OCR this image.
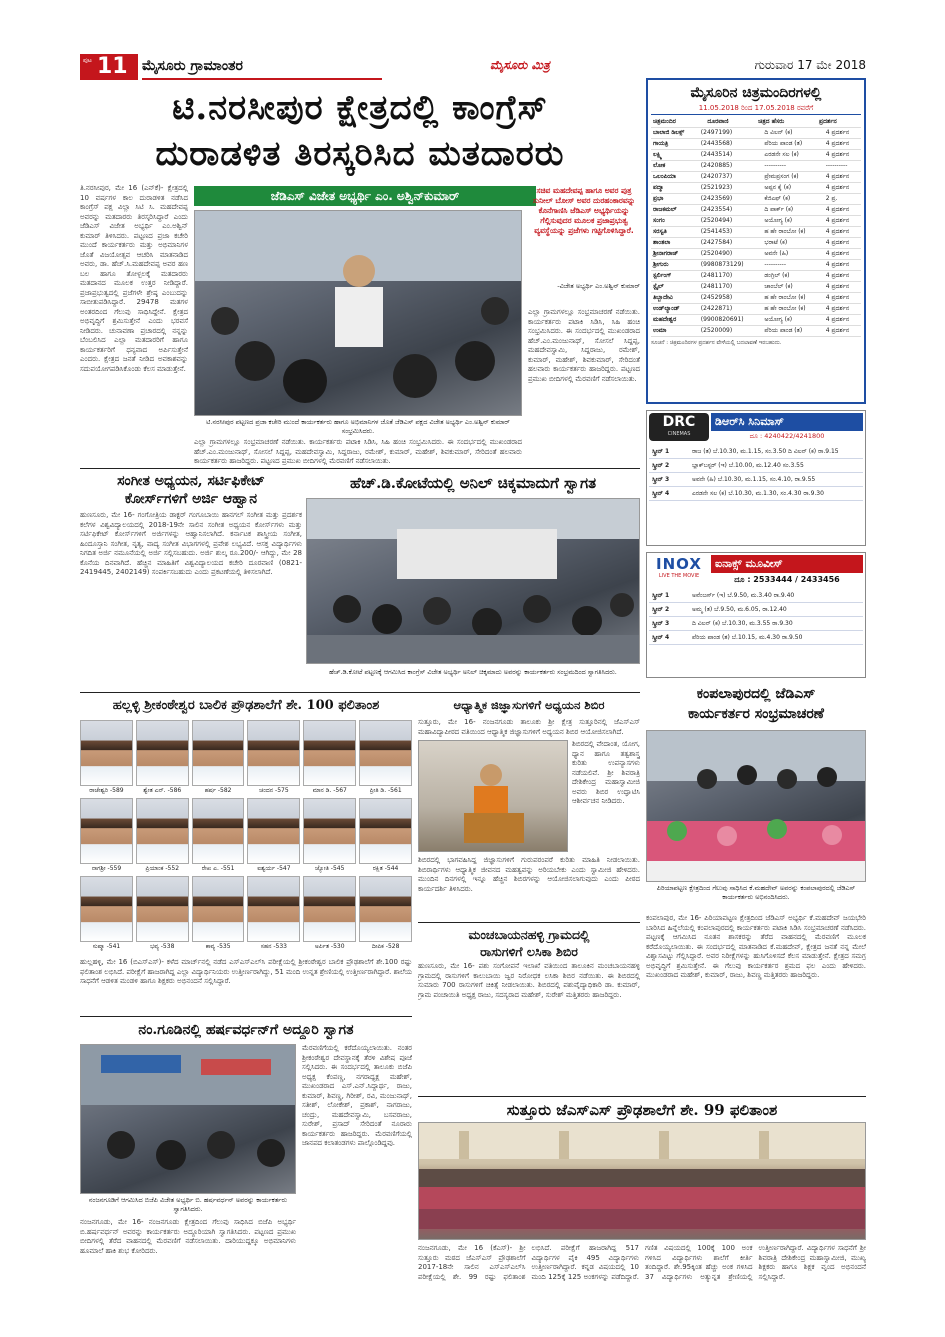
ಪುಟ 11 ಮೈಸೂರು ಗ್ರಾಮಾಂತರ	ಮೈಸೂರು ಮಿತ್ರ	ಗುರುವಾರ 17 ಮೇ 2018
ಟಿ.ನರಸೀಪುರ ಕ್ಷೇತ್ರದಲ್ಲಿ ಕಾಂಗ್ರೆಸ್
ದುರಾಡಳಿತ ತಿರಸ್ಕರಿಸಿದ ಮತದಾರರು
ತಿ.ನರಸೀಪುರ, ಮೇ 16 (ಎನ್‌ಕೆ)- ಕ್ಷೇತ್ರದಲ್ಲಿ 10 ವರ್ಷಗಳ ಕಾಲ ದುರಾಡಳಿತ ನಡೆಸಿದ ಕಾಂಗ್ರೆಸ್ ಪಕ್ಷ ವಿಲ್ಲಾ ಸಿಟಿ ಸಿ. ಮಹದೇವಪ್ಪ ಅವರನ್ನು ಮತದಾರರು ತಿರಸ್ಕರಿಸಿದ್ದಾರೆ ಎಂದು ಜೆಡಿಎಸ್ ವಿಜೇತ ಅಭ್ಯರ್ಥಿ ಎಂ.ಅಶ್ವಿನ್ ಕುಮಾರ್ ತಿಳಿಸಿದರು. ಪಟ್ಟಣದ ಪ್ರಜಾ ಕಚೇರಿ ಮುಂದೆ ಕಾರ್ಯಕರ್ತರು ಮತ್ತು ಅಭಿಮಾನಿಗಳ ಜೊತೆ ವಿಜಯೋತ್ಸವ ಆಚರಿಸಿ ಮಾತನಾಡಿದ ಅವರು, ಡಾ. ಹೆಚ್.ಸಿ.ಮಹದೇವಪ್ಪ ಅವರ ಹಣ ಬಲ ಹಾಗೂ ತೋಳ್ಬಲಕ್ಕೆ ಮತದಾರರು ಮತದಾನದ ಮೂಲಕ ಉತ್ತರ ನೀಡಿದ್ದಾರೆ. ಪ್ರಜಾಪ್ರಭುತ್ವದಲ್ಲಿ ಪ್ರಜೆಗಳೇ ಶ್ರೇಷ್ಠ ಎಂಬುದನ್ನು ಸಾಬೀತುಪಡಿಸಿದ್ದಾರೆ. 29478 ಮತಗಳ ಅಂತರದಿಂದ ಗೆಲುವು ಸಾಧಿಸಿದ್ದೇನೆ. ಕ್ಷೇತ್ರದ ಅಭಿವೃದ್ಧಿಗೆ ಶ್ರಮಿಸುತ್ತೇನೆ ಎಂದು ಭರವಸೆ ನೀಡಿದರು. ಚುನಾವಣಾ ಪ್ರಚಾರದಲ್ಲಿ ನನ್ನನ್ನು ಬೆಂಬಲಿಸಿದ ಎಲ್ಲಾ ಮತದಾರರಿಗೆ ಹಾಗೂ ಕಾರ್ಯಕರ್ತರಿಗೆ ಧನ್ಯವಾದ ಅರ್ಪಿಸುತ್ತೇನೆ ಎಂದರು. ಕ್ಷೇತ್ರದ ಜನತೆ ನೀಡಿದ ಅವಕಾಶವನ್ನು ಸದುಪಯೋಗಪಡಿಸಿಕೊಂಡು ಕೆಲಸ ಮಾಡುತ್ತೇನೆ.
ಜೆಡಿಎಸ್ ವಿಜೇತ ಅಭ್ಯರ್ಥಿ ಎಂ. ಅಶ್ವಿನ್‌ಕುಮಾರ್	ಸಚಿವ ಮಹದೇವಪ್ಪ ಹಾಗೂ ಅವರ ಪುತ್ರ ಸುನೀಲ್ ಬೋಸ್ ಅವರ ದುರಹಂಕಾರವನ್ನು ಕೊನೆಗಾಣಿಸಿ ಜೆಡಿಎಸ್ ಅಭ್ಯರ್ಥಿಯನ್ನು ಗೆಲ್ಲಿಸುವುದರ ಮೂಲಕ ಪ್ರಜಾಪ್ರಭುತ್ವ ವ್ಯವಸ್ಥೆಯನ್ನು ಪ್ರಜೆಗಳು ಗಟ್ಟಿಗೊಳಿಸಿದ್ದಾರೆ.
-ವಿಜೇತ ಅಭ್ಯರ್ಥಿ ಎಂ.ಅಶ್ವಿನ್ ಕುಮಾರ್
ಎಲ್ಲಾ ಗ್ರಾಮಗಳಲ್ಲೂ ಸಂಭ್ರಮಾಚರಣೆ ನಡೆಯಿತು. ಕಾರ್ಯಕರ್ತರು ಪಟಾಕಿ ಸಿಡಿಸಿ, ಸಿಹಿ ಹಂಚಿ ಸಂಭ್ರಮಿಸಿದರು. ಈ ಸಂದರ್ಭದಲ್ಲಿ ಮುಖಂಡರಾದ ಹೆಚ್.ಎಂ.ಮಂಜುನಾಥ್, ಸೋಸಲೆ ಸಿದ್ದಪ್ಪ, ಮಹದೇವಸ್ವಾಮಿ, ಸಿದ್ದರಾಜು, ರಮೇಶ್, ಕುಮಾರ್, ಮಹೇಶ್, ಶಿವಕುಮಾರ್, ಸೇರಿದಂತೆ ಹಲವಾರು ಕಾರ್ಯಕರ್ತರು ಹಾಜರಿದ್ದರು. ಪಟ್ಟಣದ ಪ್ರಮುಖ ಬೀದಿಗಳಲ್ಲಿ ಮೆರವಣಿಗೆ ನಡೆಸಲಾಯಿತು.
ಟಿ.ನರಸೀಪುರ ಪಟ್ಟಣದ ಪ್ರಜಾ ಕಚೇರಿ ಮುಂದೆ ಕಾರ್ಯಕರ್ತರು ಹಾಗೂ ಅಭಿಮಾನಿಗಳ ಜೊತೆ ಜೆಡಿಎಸ್ ಪಕ್ಷದ ವಿಜೇತ ಅಭ್ಯರ್ಥಿ ಎಂ.ಅಶ್ವಿನ್ ಕುಮಾರ್ ಸಂಭ್ರಮಿಸಿದರು.
ಎಲ್ಲಾ ಗ್ರಾಮಗಳಲ್ಲೂ ಸಂಭ್ರಮಾಚರಣೆ ನಡೆಯಿತು. ಕಾರ್ಯಕರ್ತರು ಪಟಾಕಿ ಸಿಡಿಸಿ, ಸಿಹಿ ಹಂಚಿ ಸಂಭ್ರಮಿಸಿದರು. ಈ ಸಂದರ್ಭದಲ್ಲಿ ಮುಖಂಡರಾದ ಹೆಚ್.ಎಂ.ಮಂಜುನಾಥ್, ಸೋಸಲೆ ಸಿದ್ದಪ್ಪ, ಮಹದೇವಸ್ವಾಮಿ, ಸಿದ್ದರಾಜು, ರಮೇಶ್, ಕುಮಾರ್, ಮಹೇಶ್, ಶಿವಕುಮಾರ್, ಸೇರಿದಂತೆ ಹಲವಾರು ಕಾರ್ಯಕರ್ತರು ಹಾಜರಿದ್ದರು. ಪಟ್ಟಣದ ಪ್ರಮುಖ ಬೀದಿಗಳಲ್ಲಿ ಮೆರವಣಿಗೆ ನಡೆಸಲಾಯಿತು.
ಮೈಸೂರಿನ ಚಿತ್ರಮಂದಿರಗಳಲ್ಲಿ
11.05.2018 ರಿಂದ 17.05.2018 ರವರೆಗೆ
ಚಿತ್ರಮಂದಿರ	ದೂರವಾಣಿ	ಚಿತ್ರದ ಹೆಸರು	ಪ್ರದರ್ಶನ
ಬಾಲಾಜಿ ಡಿಲಕ್ಸ್	(2497199)	ದಿ ವಿಲನ್ (ಕ)	4 ಪ್ರದರ್ಶನ
ಗಾಯತ್ರಿ	(2443568)	ಪೆರಿಯ ಪಾಂಡ (ತ)	4 ಪ್ರದರ್ಶನ
ಲಕ್ಷ್ಮಿ	(2443514)	ಎರಡನೇ ಸಲ (ಕ)	4 ಪ್ರದರ್ಶನ
ಲೋಕ	(2420885)	----------	----------
ಒಲಂಪಿಯಾ	(2420737)	ಪ್ರೇಮಪ್ರಸಂಗ (ಕ)	4 ಪ್ರದರ್ಶನ
ಪದ್ಮಾ	(2521923)	ಅಪ್ಪನ ಕೈ (ಕ)	4 ಪ್ರದರ್ಶನ
ಪ್ರಭಾ	(2423569)	ಕೆಜಿಎಫ್ (ಕ)	2 ಪ್ರ.
ರಾಜಕಮಲ್	(2423554)	ದಿ ಪಾರ್ಕ್ (ಕ)	4 ಪ್ರದರ್ಶನ
ಸಂಗಂ	(2520494)	ಅಯೋಗ್ಯ (ಕ)	4 ಪ್ರದರ್ಶನ
ಸರಸ್ವತಿ	(2541453)	ಹ ಹೇ ರಾಂಬೋ (ಕ)	4 ಪ್ರದರ್ಶನ
ಶಾಂತಲಾ	(2427584)	ಭರಾಟೆ (ಕ)	4 ಪ್ರದರ್ಶನ
ಶ್ರೀನಾಗರಾಜ್	(2520490)	ಅವನೇ (ಹಿ)	4 ಪ್ರದರ್ಶನ
ಶ್ರೀಗುರು	(9980873129)	----------	4 ಪ್ರದರ್ಶನ
ಸ್ಟರ್ಲಿಂಗ್	(2481170)	ಡಂಗ್ರಿಲ್ (ಕ)	4 ಪ್ರದರ್ಶನ
ಸ್ಟೈಲ್	(2481170)	ಚಾಂಬೆಲ್ (ಕ)	4 ಪ್ರದರ್ಶನ
ತಿಬ್ಬಾದೇವಿ	(2452958)	ಹ ಹೇ ರಾಂಬೋ (ಕ)	4 ಪ್ರದರ್ಶನ
ಉಡ್‌ಲ್ಯಾಂಡ್	(2422871)	ಹ ಹೇ ರಾಂಬೋ (ಕ)	4 ಪ್ರದರ್ಶನ
ಮಹದೇಶ್ವರ	(9900820691)	ಅಯೋಗ್ಯ (ಕ)	4 ಪ್ರದರ್ಶನ
ಉಮಾ	(2520009)	ಪೆರಿಯ ಪಾಂಡ (ತ)	4 ಪ್ರದರ್ಶನ
ಸೂಚನೆ : ಚಿತ್ರಮಂದಿರಗಳ ಪ್ರದರ್ಶನ ವೇಳೆಯಲ್ಲಿ ಬದಲಾವಣೆ ಇರಬಹುದು.
DRC
CINEMAS
ಡಿಆರ್‌ಸಿ ಸಿನಿಮಾಸ್
ದೂ : 4240422/4241800
ಸ್ಕ್ರೀನ್ 1	ರಾಜ (ತ) ಬೆ.10.30, ಮ.1.15, ಸಂ.3.50 ದಿ ವಿಲನ್ (ಕ) ರಾ.9.15
ಸ್ಕ್ರೀನ್ 2	ಬ್ಲಾಕ್‌ಬಸ್ಟರ್ (ಇ) ಬೆ.10.00, ಮ.12.40 ಸಂ.3.55
ಸ್ಕ್ರೀನ್ 3	ಅವನೇ (ಹಿ) ಬೆ.10.30, ಮ.1.15, ಸಂ.4.10, ರಾ.9.55
ಸ್ಕ್ರೀನ್ 4	ಎರಡನೇ ಸಲ (ಕ) ಬೆ.10.30, ಮ.1.30, ಸಂ.4.30 ರಾ.9.30
INOX
LIVE THE MOVIE
ಐನಾಕ್ಸ್ ಮೂವೀಸ್
ದೂ : 2533444 / 2433456
ಸ್ಕ್ರೀನ್ 1	ಅವೆಂಜರ್ಸ್ (ಇ) ಬೆ.9.50, ಮ.3.40 ರಾ.9.40
ಸ್ಕ್ರೀನ್ 2	ಅಮ್ಮ (ತ) ಬೆ.9.50, ಮ.6.05, ರಾ.12.40
ಸ್ಕ್ರೀನ್ 3	ದಿ ವಿಲನ್ (ಕ) ಬೆ.10.30, ಮ.3.55 ರಾ.9.30
ಸ್ಕ್ರೀನ್ 4	ಪೆರಿಯ ಪಾಂಡ (ತ) ಬೆ.10.15, ಮ.4.30 ರಾ.9.50
ಸಂಗೀತ ಅಧ್ಯಯನ, ಸರ್ಟಿಫಿಕೇಟ್
ಕೋರ್ಸ್‌ಗಳಿಗೆ ಅರ್ಜಿ ಆಹ್ವಾನ
ಹುಣಸೂರು, ಮೇ 16- ಗಂಗೋತ್ರಿಯ ಡಾಕ್ಟರ್ ಗಂಗೂಬಾಯಿ ಹಾನಗಲ್ ಸಂಗೀತ ಮತ್ತು ಪ್ರದರ್ಶಕ ಕಲೆಗಳ ವಿಶ್ವವಿದ್ಯಾಲಯದಲ್ಲಿ 2018-19ನೇ ಸಾಲಿನ ಸಂಗೀತ ಅಧ್ಯಯನ ಕೋರ್ಸ್‌ಗಳು ಮತ್ತು ಸರ್ಟಿಫಿಕೇಟ್ ಕೋರ್ಸ್‌ಗಳಿಗೆ ಅರ್ಜಿಗಳನ್ನು ಆಹ್ವಾನಿಸಲಾಗಿದೆ. ಕರ್ನಾಟಕ ಶಾಸ್ತ್ರೀಯ ಸಂಗೀತ, ಹಿಂದೂಸ್ತಾನಿ ಸಂಗೀತ, ನೃತ್ಯ, ವಾದ್ಯ ಸಂಗೀತ ವಿಭಾಗಗಳಲ್ಲಿ ಪ್ರವೇಶ ಲಭ್ಯವಿದೆ. ಆಸಕ್ತ ವಿದ್ಯಾರ್ಥಿಗಳು ನಿಗದಿತ ಅರ್ಜಿ ನಮೂನೆಯಲ್ಲಿ ಅರ್ಜಿ ಸಲ್ಲಿಸಬಹುದು. ಅರ್ಜಿ ಶುಲ್ಕ ರೂ.200/- ಆಗಿದ್ದು, ಮೇ 28 ಕೊನೆಯ ದಿನವಾಗಿದೆ. ಹೆಚ್ಚಿನ ಮಾಹಿತಿಗೆ ವಿಶ್ವವಿದ್ಯಾಲಯದ ಕಚೇರಿ ದೂರವಾಣಿ (0821-2419445, 2402149) ಸಂಪರ್ಕಿಸಬಹುದು ಎಂದು ಪ್ರಕಟಣೆಯಲ್ಲಿ ತಿಳಿಸಲಾಗಿದೆ.
ಹೆಚ್.ಡಿ.ಕೋಟೆಯಲ್ಲಿ ಅನಿಲ್ ಚಿಕ್ಕಮಾದುಗೆ ಸ್ವಾಗತ
ಹೆಚ್.ಡಿ.ಕೋಟೆ ಪಟ್ಟಣಕ್ಕೆ ಆಗಮಿಸಿದ ಕಾಂಗ್ರೆಸ್ ವಿಜೇತ ಅಭ್ಯರ್ಥಿ ಅನಿಲ್ ಚಿಕ್ಕಮಾದು ಅವರನ್ನು ಕಾರ್ಯಕರ್ತರು ಸಂಭ್ರಮದಿಂದ ಸ್ವಾಗತಿಸಿದರು.
ಹಲ್ಲಳ್ಳಿ ಶ್ರೀಕಂಠೇಶ್ವರ ಬಾಲಿಕ ಪ್ರೌಢಶಾಲೆಗೆ ಶೇ. 100 ಫಲಿತಾಂಶ
ರಾಜೇಶ್ವರಿ -589	ಶ್ವೇತ ಎನ್. -586	ಹರ್ಷ -582	ಚಂದನ -575	ಮಾನ ಡಿ. -567	ಪ್ರೀತಿ ಡಿ. -561
ನಾಗಶ್ರೀ -559	ಪ್ರಿಯಾಂಕ -552	ರೇಖ ಎ. -551	ಐಶ್ವರ್ಯ -547	ಜ್ಯೋತಿ -545	ರಕ್ಷಿತ -544
ಸುಷ್ಮಾ -541	ಭವ್ಯ -538	ಕಾವ್ಯ -535	ಸಹನ -533	ಅರ್ಪಿತ -530	ದೀಪಿಕ -528
ಹುಲ್ಲಹಳ್ಳಿ, ಮೇ 16 (ಬಿಎಸ್‌ಎಸ್)- ಕಳೆದ ಮಾರ್ಚ್‌ನಲ್ಲಿ ನಡೆದ ಎಸ್‌ಎಸ್‌ಎಲ್‌ಸಿ ಪರೀಕ್ಷೆಯಲ್ಲಿ ಶ್ರೀಕಂಠೇಶ್ವರ ಬಾಲಿಕ ಪ್ರೌಢಶಾಲೆಗೆ ಶೇ.100 ರಷ್ಟು ಫಲಿತಾಂಶ ಲಭಿಸಿದೆ. ಪರೀಕ್ಷೆಗೆ ಹಾಜರಾಗಿದ್ದ ಎಲ್ಲಾ ವಿದ್ಯಾರ್ಥಿನಿಯರು ಉತ್ತೀರ್ಣರಾಗಿದ್ದು, 51 ಮಂದಿ ಉನ್ನತ ಶ್ರೇಣಿಯಲ್ಲಿ ಉತ್ತೀರ್ಣರಾಗಿದ್ದಾರೆ. ಶಾಲೆಯ ಸಾಧನೆಗೆ ಆಡಳಿತ ಮಂಡಳಿ ಹಾಗೂ ಶಿಕ್ಷಕರು ಅಭಿನಂದನೆ ಸಲ್ಲಿಸಿದ್ದಾರೆ.
ಆಧ್ಯಾತ್ಮಿಕ ಜಿಜ್ಞಾಸುಗಳಿಗೆ ಅಧ್ಯಯನ ಶಿಬಿರ
ಸುತ್ತೂರು, ಮೇ 16- ನಂಜನಗೂಡು ತಾಲೂಕು ಶ್ರೀ ಕ್ಷೇತ್ರ ಸುತ್ತೂರಿನಲ್ಲಿ ಜೆಎಸ್‌ಎಸ್ ಮಹಾವಿದ್ಯಾಪೀಠದ ವತಿಯಿಂದ ಆಧ್ಯಾತ್ಮಿಕ ಜಿಜ್ಞಾಸುಗಳಿಗೆ ಅಧ್ಯಯನ ಶಿಬಿರ ಆಯೋಜಿಸಲಾಗಿದೆ.
ಶಿಬಿರದಲ್ಲಿ ವೇದಾಂತ, ಯೋಗ, ಧ್ಯಾನ ಹಾಗೂ ತತ್ವಶಾಸ್ತ್ರ ಕುರಿತು ಉಪನ್ಯಾಸಗಳು ನಡೆಯಲಿವೆ. ಶ್ರೀ ಶಿವರಾತ್ರಿ ದೇಶಿಕೇಂದ್ರ ಮಹಾಸ್ವಾಮೀಜಿ ಅವರು ಶಿಬಿರ ಉದ್ಘಾಟಿಸಿ ಆಶೀರ್ವಚನ ನೀಡಿದರು.
ಶಿಬಿರದಲ್ಲಿ ಭಾಗವಹಿಸಿದ್ದ ಜಿಜ್ಞಾಸುಗಳಿಗೆ ಗುರುಪರಂಪರೆ ಕುರಿತು ಮಾಹಿತಿ ನೀಡಲಾಯಿತು. ಶಿಬಿರಾರ್ಥಿಗಳು ಆಧ್ಯಾತ್ಮಿಕ ಜೀವನದ ಮಹತ್ವವನ್ನು ಅರಿಯಬೇಕು ಎಂದು ಸ್ವಾಮೀಜಿ ಹೇಳಿದರು. ಮುಂದಿನ ದಿನಗಳಲ್ಲಿ ಇನ್ನೂ ಹೆಚ್ಚಿನ ಶಿಬಿರಗಳನ್ನು ಆಯೋಜಿಸಲಾಗುವುದು ಎಂದು ಪೀಠದ ಕಾರ್ಯದರ್ಶಿ ತಿಳಿಸಿದರು.
ಮಂಚಬಾಯನಹಳ್ಳಿ ಗ್ರಾಮದಲ್ಲಿ
ರಾಸುಗಳಿಗೆ ಲಸಿಕಾ ಶಿಬಿರ
ಹುಣಸೂರು, ಮೇ 16- ಪಶು ಸಂಗೋಪನೆ ಇಲಾಖೆ ವತಿಯಿಂದ ತಾಲೂಕಿನ ಮಂಚಬಾಯನಹಳ್ಳಿ ಗ್ರಾಮದಲ್ಲಿ ರಾಸುಗಳಿಗೆ ಕಾಲುಬಾಯಿ ಜ್ವರ ನಿರೋಧಕ ಲಸಿಕಾ ಶಿಬಿರ ನಡೆಯಿತು. ಈ ಶಿಬಿರದಲ್ಲಿ ಸುಮಾರು 700 ರಾಸುಗಳಿಗೆ ಚಿಕಿತ್ಸೆ ನೀಡಲಾಯಿತು. ಶಿಬಿರದಲ್ಲಿ ಪಶುವೈದ್ಯಾಧಿಕಾರಿ ಡಾ. ಕುಮಾರ್, ಗ್ರಾಮ ಪಂಚಾಯಿತಿ ಅಧ್ಯಕ್ಷ ರಾಜು, ಸದಸ್ಯರಾದ ಮಹೇಶ್, ಸುರೇಶ್ ಮತ್ತಿತರರು ಹಾಜರಿದ್ದರು.
ಕಂಪಲಾಪುರದಲ್ಲಿ ಜೆಡಿಎಸ್
ಕಾರ್ಯಕರ್ತರ ಸಂಭ್ರಮಾಚರಣೆ
ಪಿರಿಯಾಪಟ್ಟಣ ಕ್ಷೇತ್ರದಿಂದ ಗೆಲುವು ಸಾಧಿಸಿದ ಕೆ.ಮಹದೇವ್ ಅವರನ್ನು ಕಂಪಲಾಪುರದಲ್ಲಿ ಜೆಡಿಎಸ್ ಕಾರ್ಯಕರ್ತರು ಅಭಿನಂದಿಸಿದರು.
ಕಂಪಲಾಪುರ, ಮೇ 16- ಪಿರಿಯಾಪಟ್ಟಣ ಕ್ಷೇತ್ರದಿಂದ ಜೆಡಿಎಸ್ ಅಭ್ಯರ್ಥಿ ಕೆ.ಮಹದೇವ್ ಜಯಭೇರಿ ಬಾರಿಸಿದ ಹಿನ್ನೆಲೆಯಲ್ಲಿ ಕಂಪಲಾಪುರದಲ್ಲಿ ಕಾರ್ಯಕರ್ತರು ಪಟಾಕಿ ಸಿಡಿಸಿ ಸಂಭ್ರಮಾಚರಣೆ ನಡೆಸಿದರು. ಪಟ್ಟಣಕ್ಕೆ ಆಗಮಿಸಿದ ನೂತನ ಶಾಸಕರನ್ನು ತೆರೆದ ವಾಹನದಲ್ಲಿ ಮೆರವಣಿಗೆ ಮೂಲಕ ಕರೆದೊಯ್ಯಲಾಯಿತು. ಈ ಸಂದರ್ಭದಲ್ಲಿ ಮಾತನಾಡಿದ ಕೆ.ಮಹದೇವ್, ಕ್ಷೇತ್ರದ ಜನತೆ ನನ್ನ ಮೇಲೆ ವಿಶ್ವಾಸವಿಟ್ಟು ಗೆಲ್ಲಿಸಿದ್ದಾರೆ. ಅವರ ನಿರೀಕ್ಷೆಗಳನ್ನು ಹುಸಿಗೊಳಿಸದೆ ಕೆಲಸ ಮಾಡುತ್ತೇನೆ. ಕ್ಷೇತ್ರದ ಸಮಗ್ರ ಅಭಿವೃದ್ಧಿಗೆ ಶ್ರಮಿಸುತ್ತೇನೆ. ಈ ಗೆಲುವು ಕಾರ್ಯಕರ್ತರ ಶ್ರಮದ ಫಲ ಎಂದು ಹೇಳಿದರು. ಮುಖಂಡರಾದ ಮಹೇಶ್, ಕುಮಾರ್, ರಾಜು, ಶಿವಣ್ಣ ಮತ್ತಿತರರು ಹಾಜರಿದ್ದರು.
ನಂ.ಗೂಡಿನಲ್ಲಿ ಹರ್ಷವರ್ಧನ್‌ಗೆ ಅದ್ದೂರಿ ಸ್ವಾಗತ
ನಂಜನಗೂಡಿಗೆ ಆಗಮಿಸಿದ ಬಿಜೆಪಿ ವಿಜೇತ ಅಭ್ಯರ್ಥಿ ಬಿ. ಹರ್ಷವರ್ಧನ್ ಅವರನ್ನು ಕಾರ್ಯಕರ್ತರು ಸ್ವಾಗತಿಸಿದರು.
ಮೆರವಣಿಗೆಯಲ್ಲಿ ಕರೆದೊಯ್ಯಲಾಯಿತು. ನಂತರ ಶ್ರೀಕಂಠೇಶ್ವರ ದೇವಸ್ಥಾನಕ್ಕೆ ತೆರಳಿ ವಿಶೇಷ ಪೂಜೆ ಸಲ್ಲಿಸಿದರು. ಈ ಸಂದರ್ಭದಲ್ಲಿ ತಾಲೂಕು ಬಿಜೆಪಿ ಅಧ್ಯಕ್ಷ ಕೆಂಪಣ್ಣ, ನಗರಾಧ್ಯಕ್ಷ ಮಹೇಶ್, ಮುಖಂಡರಾದ ಎಸ್.ಎನ್.ಸಿದ್ದಾರ್ಥ, ರಾಜು, ಕುಮಾರ್, ಶಿವಣ್ಣ, ಗಿರೀಶ್, ರವಿ, ಮಂಜುನಾಥ್, ಸತೀಶ್, ಲೋಕೇಶ್, ಪ್ರಕಾಶ್, ನಾಗರಾಜು, ಚಂದ್ರು, ಮಹದೇವಸ್ವಾಮಿ, ಬಸವರಾಜು, ಸುರೇಶ್, ಪ್ರಸಾದ್ ಸೇರಿದಂತೆ ನೂರಾರು ಕಾರ್ಯಕರ್ತರು ಹಾಜರಿದ್ದರು. ಮೆರವಣಿಗೆಯಲ್ಲಿ ಜಾನಪದ ಕಲಾತಂಡಗಳು ಪಾಲ್ಗೊಂಡಿದ್ದವು.
ನಂಜನಗೂಡು, ಮೇ 16- ನಂಜನಗೂಡು ಕ್ಷೇತ್ರದಿಂದ ಗೆಲುವು ಸಾಧಿಸಿದ ಬಿಜೆಪಿ ಅಭ್ಯರ್ಥಿ ಬಿ.ಹರ್ಷವರ್ಧನ್ ಅವರನ್ನು ಕಾರ್ಯಕರ್ತರು ಅದ್ದೂರಿಯಾಗಿ ಸ್ವಾಗತಿಸಿದರು. ಪಟ್ಟಣದ ಪ್ರಮುಖ ಬೀದಿಗಳಲ್ಲಿ ತೆರೆದ ವಾಹನದಲ್ಲಿ ಮೆರವಣಿಗೆ ನಡೆಸಲಾಯಿತು. ದಾರಿಯುದ್ದಕ್ಕೂ ಅಭಿಮಾನಿಗಳು ಹೂಮಾಲೆ ಹಾಕಿ ಶುಭ ಕೋರಿದರು.
ಸುತ್ತೂರು ಜೆಎಸ್‌ಎಸ್ ಪ್ರೌಢಶಾಲೆಗೆ ಶೇ. 99 ಫಲಿತಾಂಶ
ನಂಜನಗೂಡು, ಮೇ 16 (ಕೆಎಸ್)- ಶ್ರೀ ಸುತ್ತೂರು ಮಠದ ಜೆಎಸ್‌ಎಸ್ ಪ್ರೌಢಶಾಲೆಗೆ 2017-18ನೇ ಸಾಲಿನ ಎಸ್‌ಎಸ್‌ಎಲ್‌ಸಿ ಪರೀಕ್ಷೆಯಲ್ಲಿ ಶೇ. 99 ರಷ್ಟು ಫಲಿತಾಂಶ ಲಭಿಸಿದೆ. ಪರೀಕ್ಷೆಗೆ ಹಾಜರಾಗಿದ್ದ 517 ವಿದ್ಯಾರ್ಥಿಗಳ ಪೈಕಿ 495 ವಿದ್ಯಾರ್ಥಿಗಳು ಉತ್ತೀರ್ಣರಾಗಿದ್ದಾರೆ. ಕನ್ನಡ ವಿಷಯದಲ್ಲಿ 10 ಮಂದಿ 125ಕ್ಕೆ 125 ಅಂಕಗಳನ್ನು ಪಡೆದಿದ್ದಾರೆ. ಗಣಿತ ವಿಷಯದಲ್ಲಿ 100ಕ್ಕೆ 100 ಅಂಕ ಗಳಿಸಿದ ವಿದ್ಯಾರ್ಥಿಗಳು ಶಾಲೆಗೆ ಕೀರ್ತಿ ತಂದಿದ್ದಾರೆ. ಶೇ.95ಕ್ಕಿಂತ ಹೆಚ್ಚು ಅಂಕ ಗಳಿಸಿದ 37 ವಿದ್ಯಾರ್ಥಿಗಳು ಅತ್ಯುನ್ನತ ಶ್ರೇಣಿಯಲ್ಲಿ ಉತ್ತೀರ್ಣರಾಗಿದ್ದಾರೆ. ವಿದ್ಯಾರ್ಥಿಗಳ ಸಾಧನೆಗೆ ಶ್ರೀ ಶಿವರಾತ್ರಿ ದೇಶಿಕೇಂದ್ರ ಮಹಾಸ್ವಾಮೀಜಿ, ಮುಖ್ಯ ಶಿಕ್ಷಕರು ಹಾಗೂ ಶಿಕ್ಷಕ ವೃಂದ ಅಭಿನಂದನೆ ಸಲ್ಲಿಸಿದ್ದಾರೆ.
